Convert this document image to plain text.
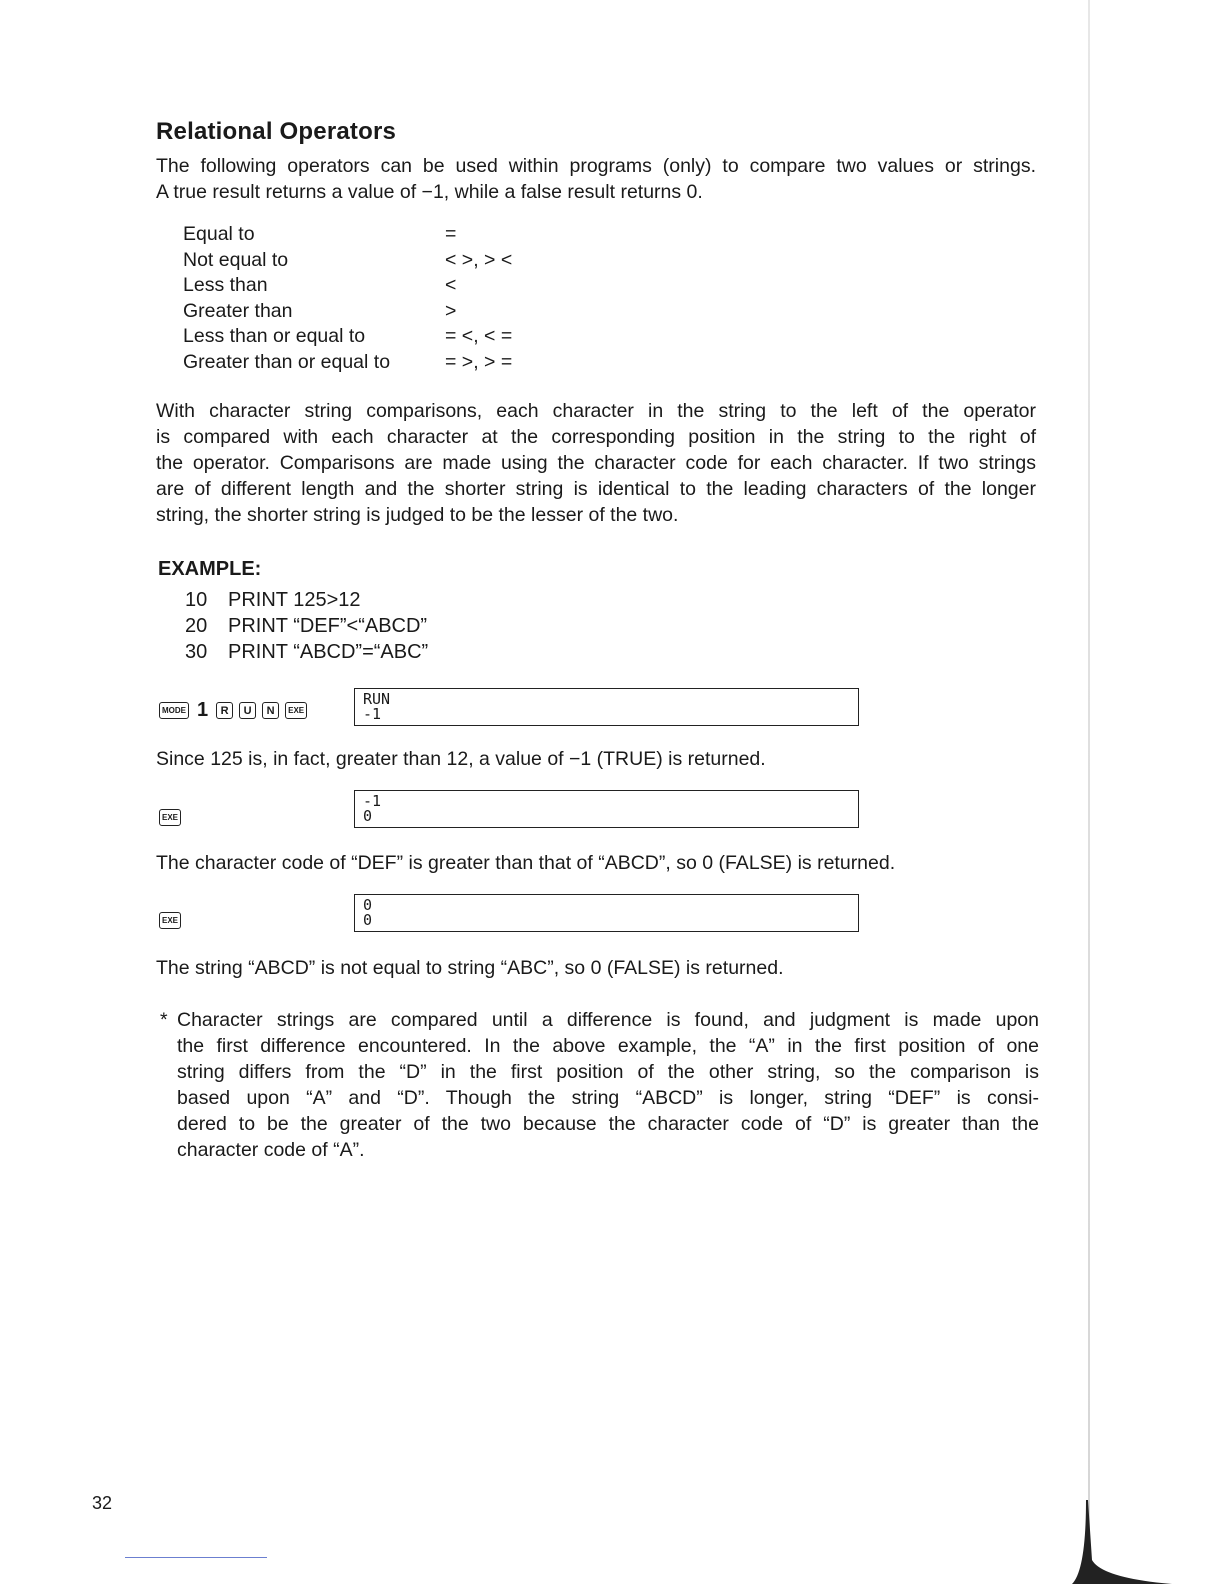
Relational Operators
The following operators can be used within programs (only) to compare two values or strings.
A true result returns a value of −1, while a false result returns 0.
Equal to	=
Not equal to	< >, > <
Less than	<
Greater than	>
Less than or equal to	= <, < =
Greater than or equal to	= >, > =
With character string comparisons, each character in the string to the left of the operator
is compared with each character at the corresponding position in the string to the right of
the operator. Comparisons are made using the character code for each character. If two strings
are of different length and the shorter string is identical to the leading characters of the longer
string, the shorter string is judged to be the lesser of the two.
EXAMPLE:
10	PRINT 125>12
20	PRINT “DEF”<“ABCD”
30	PRINT “ABCD”=“ABC”
MODE 1	R	U	N	EXE
RUN
-1
Since 125 is, in fact, greater than 12, a value of −1 (TRUE) is returned.
EXE
-1
0
The character code of “DEF” is greater than that of “ABCD”, so 0 (FALSE) is returned.
EXE
0
0
The string “ABCD” is not equal to string “ABC”, so 0 (FALSE) is returned.
* Character strings are compared until a difference is found, and judgment is made upon
the first difference encountered. In the above example, the “A” in the first position of one
string differs from the “D” in the first position of the other string, so the comparison is
based upon “A” and “D”. Though the string “ABCD” is longer, string “DEF” is consi-
dered to be the greater of the two because the character code of “D” is greater than the
character code of “A”.
32
